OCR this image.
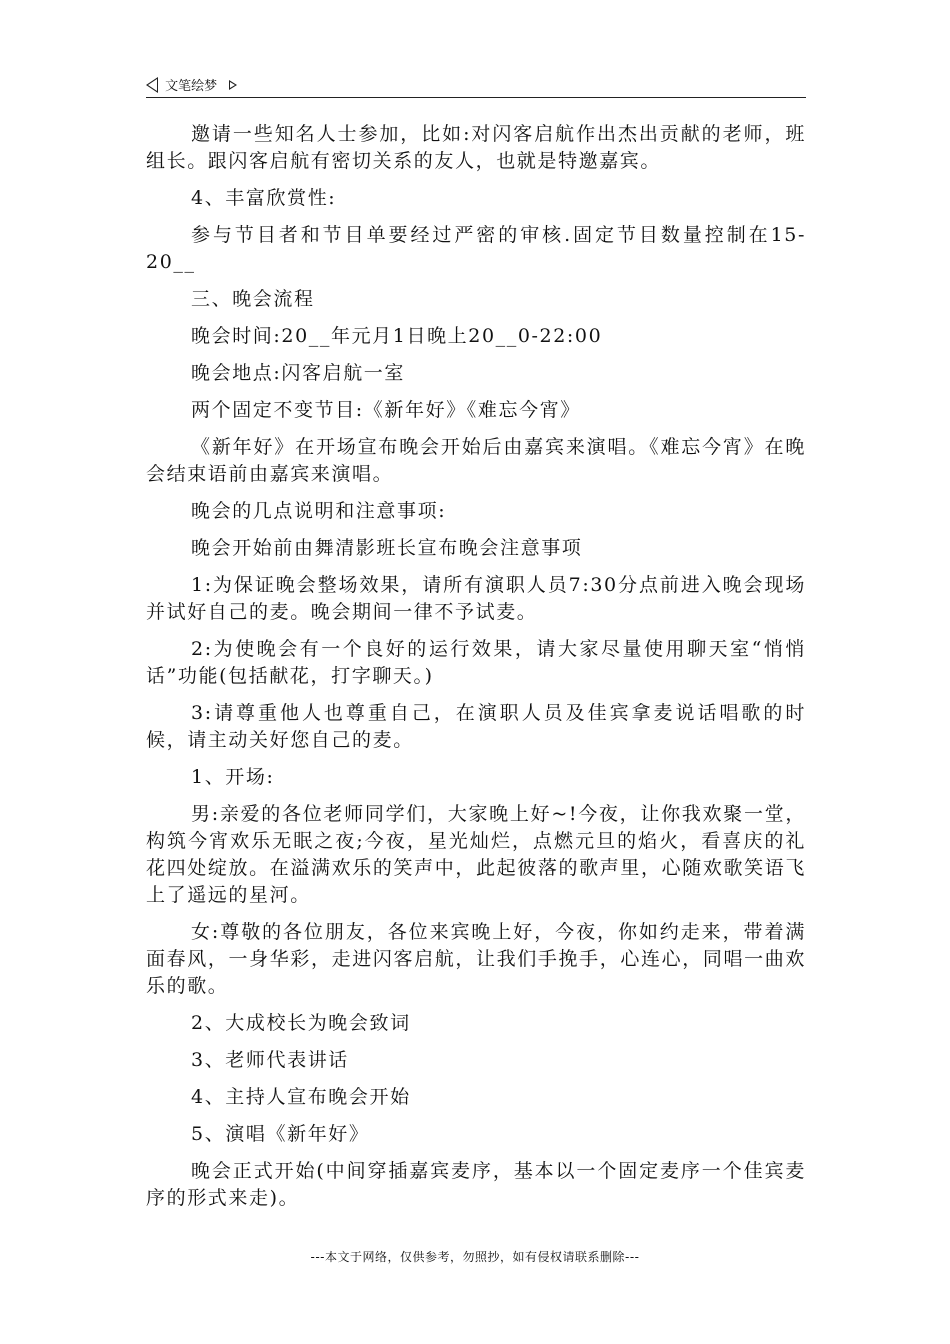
文笔绘梦

邀请一些知名人士参加，比如:对闪客启航作出杰出贡献的老师，班组长。跟闪客启航有密切关系的友人，也就是特邀嘉宾。

4、丰富欣赏性:

参与节目者和节目单要经过严密的审核.固定节目数量控制在15-20__

三、晚会流程

晚会时间:20__年元月1日晚上20__0-22:00

晚会地点:闪客启航一室

两个固定不变节目:《新年好》《难忘今宵》

《新年好》在开场宣布晚会开始后由嘉宾来演唱。《难忘今宵》在晚会结束语前由嘉宾来演唱。

晚会的几点说明和注意事项:

晚会开始前由舞清影班长宣布晚会注意事项

1:为保证晚会整场效果，请所有演职人员7:30分点前进入晚会现场并试好自己的麦。晚会期间一律不予试麦。

2:为使晚会有一个良好的运行效果，请大家尽量使用聊天室“悄悄话”功能(包括献花，打字聊天。)

3:请尊重他人也尊重自己，在演职人员及佳宾拿麦说话唱歌的时候，请主动关好您自己的麦。

1、开场:

男:亲爱的各位老师同学们，大家晚上好~!今夜，让你我欢聚一堂，构筑今宵欢乐无眠之夜;今夜，星光灿烂，点燃元旦的焰火，看喜庆的礼花四处绽放。在溢满欢乐的笑声中，此起彼落的歌声里，心随欢歌笑语飞上了遥远的星河。

女:尊敬的各位朋友，各位来宾晚上好，今夜，你如约走来，带着满面春风，一身华彩，走进闪客启航，让我们手挽手，心连心，同唱一曲欢乐的歌。

2、大成校长为晚会致词

3、老师代表讲话

4、主持人宣布晚会开始

5、演唱《新年好》

晚会正式开始(中间穿插嘉宾麦序，基本以一个固定麦序一个佳宾麦序的形式来走)。

---本文于网络，仅供参考，勿照抄，如有侵权请联系删除---
